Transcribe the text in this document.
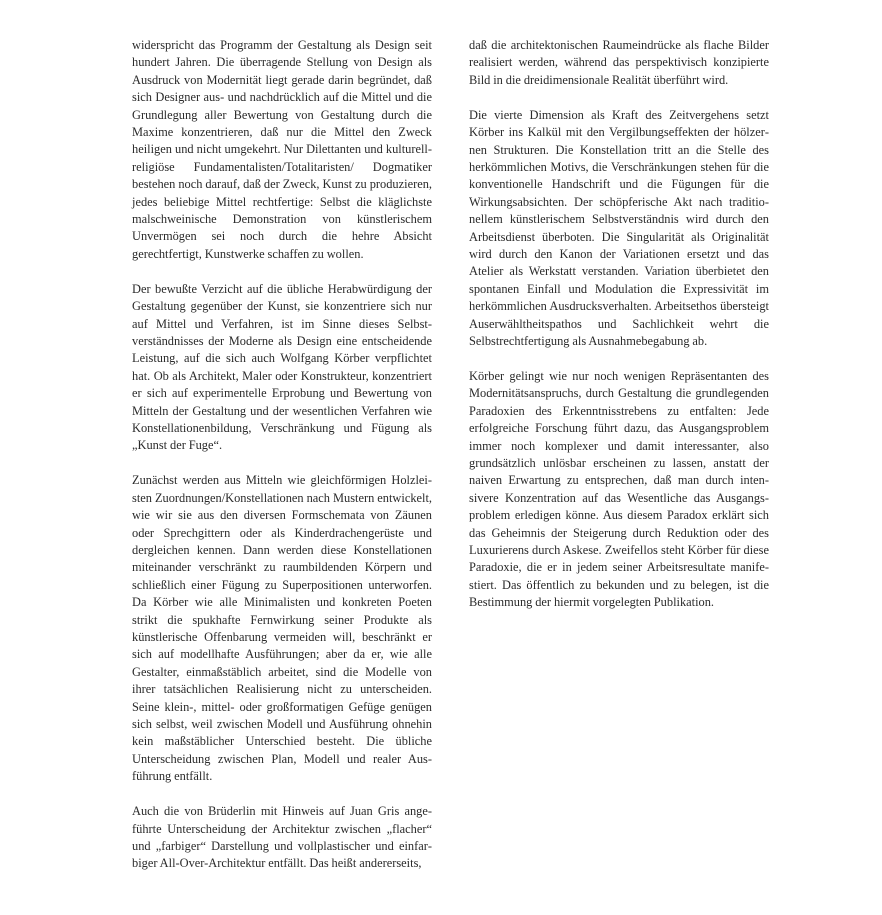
widerspricht das Programm der Gestaltung als Design seit hundert Jahren. Die überragende Stellung von Design als Ausdruck von Modernität liegt gerade darin begründet, daß sich Designer aus- und nachdrücklich auf die Mittel und die Grundlegung aller Bewertung von Gestaltung durch die Maxime konzentrieren, daß nur die Mittel den Zweck heiligen und nicht umgekehrt. Nur Dilettanten und kulturell-religiöse Fundamentalisten/Totalitaristen/ Dogmatiker bestehen noch darauf, daß der Zweck, Kunst zu produzieren, jedes beliebige Mittel rechtfertige: Selbst die kläglichste malschweinische Demonstration von künstlerischem Unvermögen sei noch durch die hehre Absicht gerechtfertigt, Kunstwerke schaffen zu wollen.

Der bewußte Verzicht auf die übliche Herabwürdigung der Gestaltung gegenüber der Kunst, sie konzentriere sich nur auf Mittel und Verfahren, ist im Sinne dieses Selbstverständnisses der Moderne als Design eine entscheidende Leistung, auf die sich auch Wolfgang Körber verpflichtet hat. Ob als Architekt, Maler oder Konstrukteur, konzentriert er sich auf experimentelle Erprobung und Bewertung von Mitteln der Gestaltung und der wesentlichen Verfahren wie Konstellationenbildung, Verschränkung und Fügung als „Kunst der Fuge“.

Zunächst werden aus Mitteln wie gleichförmigen Holzleisten Zuordnungen/Konstellationen nach Mustern entwickelt, wie wir sie aus den diversen Formschemata von Zäunen oder Sprechgittern oder als Kinderdrachengerüste und dergleichen kennen. Dann werden diese Konstellationen miteinander verschränkt zu raumbildenden Körpern und schließlich einer Fügung zu Superpositionen unterworfen. Da Körber wie alle Minimalisten und konkreten Poeten strikt die spukhafte Fernwirkung seiner Produkte als künstlerische Offenbarung vermeiden will, beschränkt er sich auf modellhafte Ausführungen; aber da er, wie alle Gestalter, einmaßstäblich arbeitet, sind die Modelle von ihrer tatsächlichen Realisierung nicht zu unterscheiden. Seine klein-, mittel- oder großformatigen Gefüge genügen sich selbst, weil zwischen Modell und Ausführung ohnehin kein maßstäblicher Unterschied besteht. Die übliche Unterscheidung zwischen Plan, Modell und realer Ausführung entfällt.

Auch die von Brüderlin mit Hinweis auf Juan Gris angeführte Unterscheidung der Architektur zwischen „flacher“ und „farbiger“ Darstellung und vollplastischer und einfarbiger All-Over-Architektur entfällt. Das heißt andererseits,

daß die architektonischen Raumeindrücke als flache Bilder realisiert werden, während das perspektivisch konzipierte Bild in die dreidimensionale Realität überführt wird.

Die vierte Dimension als Kraft des Zeitvergehens setzt Körber ins Kalkül mit den Vergilbungseffekten der hölzernen Strukturen. Die Konstellation tritt an die Stelle des herkömmlichen Motivs, die Verschränkungen stehen für die konventionelle Handschrift und die Fügungen für die Wirkungsabsichten. Der schöpferische Akt nach traditionellem künstlerischem Selbstverständnis wird durch den Arbeitsdienst überboten. Die Singularität als Originalität wird durch den Kanon der Variationen ersetzt und das Atelier als Werkstatt verstanden. Variation überbietet den spontanen Einfall und Modulation die Expressivität im herkömmlichen Ausdrucksverhalten. Arbeitsethos übersteigt Auserwähltheitspathos und Sachlichkeit wehrt die Selbstrechtfertigung als Ausnahmebegabung ab.

Körber gelingt wie nur noch wenigen Repräsentanten des Modernitätsanspruchs, durch Gestaltung die grundlegenden Paradoxien des Erkenntnisstrebens zu entfalten: Jede erfolgreiche Forschung führt dazu, das Ausgangsproblem immer noch komplexer und damit interessanter, also grundsätzlich unlösbar erscheinen zu lassen, anstatt der naiven Erwartung zu entsprechen, daß man durch intensivere Konzentration auf das Wesentliche das Ausgangsproblem erledigen könne. Aus diesem Paradox erklärt sich das Geheimnis der Steigerung durch Reduktion oder des Luxurierens durch Askese. Zweifellos steht Körber für diese Paradoxie, die er in jedem seiner Arbeitsresultate manifestiert. Das öffentlich zu bekunden und zu belegen, ist die Bestimmung der hiermit vorgelegten Publikation.
